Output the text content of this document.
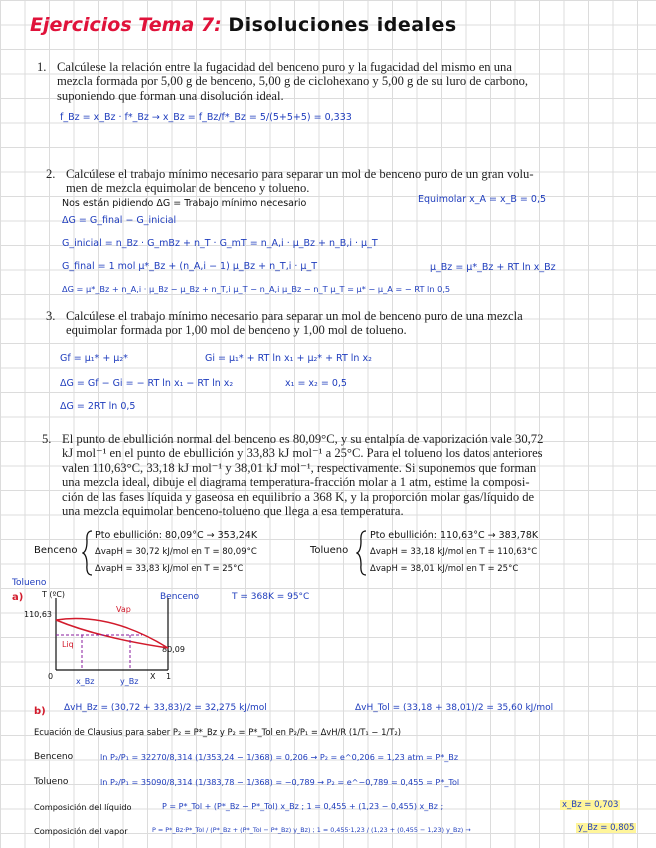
Ejercicios Tema 7: Disoluciones ideales
1. Calcúlese la relación entre la fugacidad del benceno puro y la fugacidad del mismo en una
mezcla formada por 5,00 g de benceno, 5,00 g de ciclohexano y 5,00 g de su luro de carbono,
suponiendo que forman una disolución ideal.
f_Bz = x_Bz · f*_Bz → x_Bz = f_Bz/f*_Bz = 5/(5+5+5) = 0,333
2. Calcúlese el trabajo mínimo necesario para separar un mol de benceno puro de un gran volu-
men de mezcla equimolar de benceno y tolueno.
Nos están pidiendo ΔG = Trabajo mínimo necesario	Equimolar x_A = x_B = 0,5
ΔG = G_final − G_inicial
G_inicial = n_Bz · G_mBz + n_T · G_mT = n_A,i · μ_Bz + n_B,i · μ_T
G_final = 1 mol μ*_Bz + (n_A,i − 1) μ_Bz + n_T,i · μ_T	μ_Bz = μ*_Bz + RT ln x_Bz
ΔG = μ*_Bz + n_A,i · μ_Bz − μ_Bz + n_T,i μ_T − n_A,i μ_Bz − n_T μ_T = μ* − μ_A = − RT ln 0,5
3. Calcúlese el trabajo mínimo necesario para separar un mol de benceno puro de una mezcla
equimolar formada por 1,00 mol de benceno y 1,00 mol de tolueno.
Gf = μ₁* + μ₂*	Gi = μ₁* + RT ln x₁ + μ₂* + RT ln x₂
ΔG = Gf − Gi = − RT ln x₁ − RT ln x₂	x₁ = x₂ = 0,5
ΔG = 2RT ln 0,5
5. El punto de ebullición normal del benceno es 80,09°C, y su entalpía de vaporización vale 30,72
kJ mol⁻¹ en el punto de ebullición y 33,83 kJ mol⁻¹ a 25°C. Para el tolueno los datos anteriores
valen 110,63°C, 33,18 kJ mol⁻¹ y 38,01 kJ mol⁻¹, respectivamente. Si suponemos que forman
una mezcla ideal, dibuje el diagrama temperatura-fracción molar a 1 atm, estime la composi-
ción de las fases líquida y gaseosa en equilibrio a 368 K, y la proporción molar gas/líquido de
una mezcla equimolar benceno-tolueno que llega a esa temperatura.
Benceno
Pto ebullición: 80,09°C → 353,24K
ΔvapH = 30,72 kJ/mol en T = 80,09°C
ΔvapH = 33,83 kJ/mol en T = 25°C
Tolueno
Pto ebullición: 110,63°C → 383,78K
ΔvapH = 33,18 kJ/mol en T = 110,63°C
ΔvapH = 38,01 kJ/mol en T = 25°C
Tolueno
a) T (ºC)
110,63
Benceno	T = 368K = 95°C
Vap
Liq
80,09
0
x_Bz	y_Bz
X 1
b) ΔvH_Bz = (30,72 + 33,83)/2 = 32,275 kJ/mol	ΔvH_Tol = (33,18 + 38,01)/2 = 35,60 kJ/mol
Ecuación de Clausius para saber P₂ = P*_Bz y P₂ = P*_Tol en P₂/P₁ = ΔvH/R (1/T₁ − 1/T₂)
Benceno	ln P₂/P₁ = 32270/8,314 (1/353,24 − 1/368) = 0,206 → P₂ = e^0,206 = 1,23 atm = P*_Bz
Tolueno	ln P₂/P₁ = 35090/8,314 (1/383,78 − 1/368) = −0,789 → P₂ = e^−0,789 = 0,455 = P*_Tol
Composición del líquido	P = P*_Tol + (P*_Bz − P*_Tol) x_Bz ; 1 = 0,455 + (1,23 − 0,455) x_Bz ;	x_Bz = 0,703
Composición del vapor	P = P*_Bz·P*_Tol / (P*_Bz + (P*_Tol − P*_Bz) y_Bz) ; 1 = 0,455·1,23 / (1,23 + (0,455 − 1,23) y_Bz) →	y_Bz = 0,805
